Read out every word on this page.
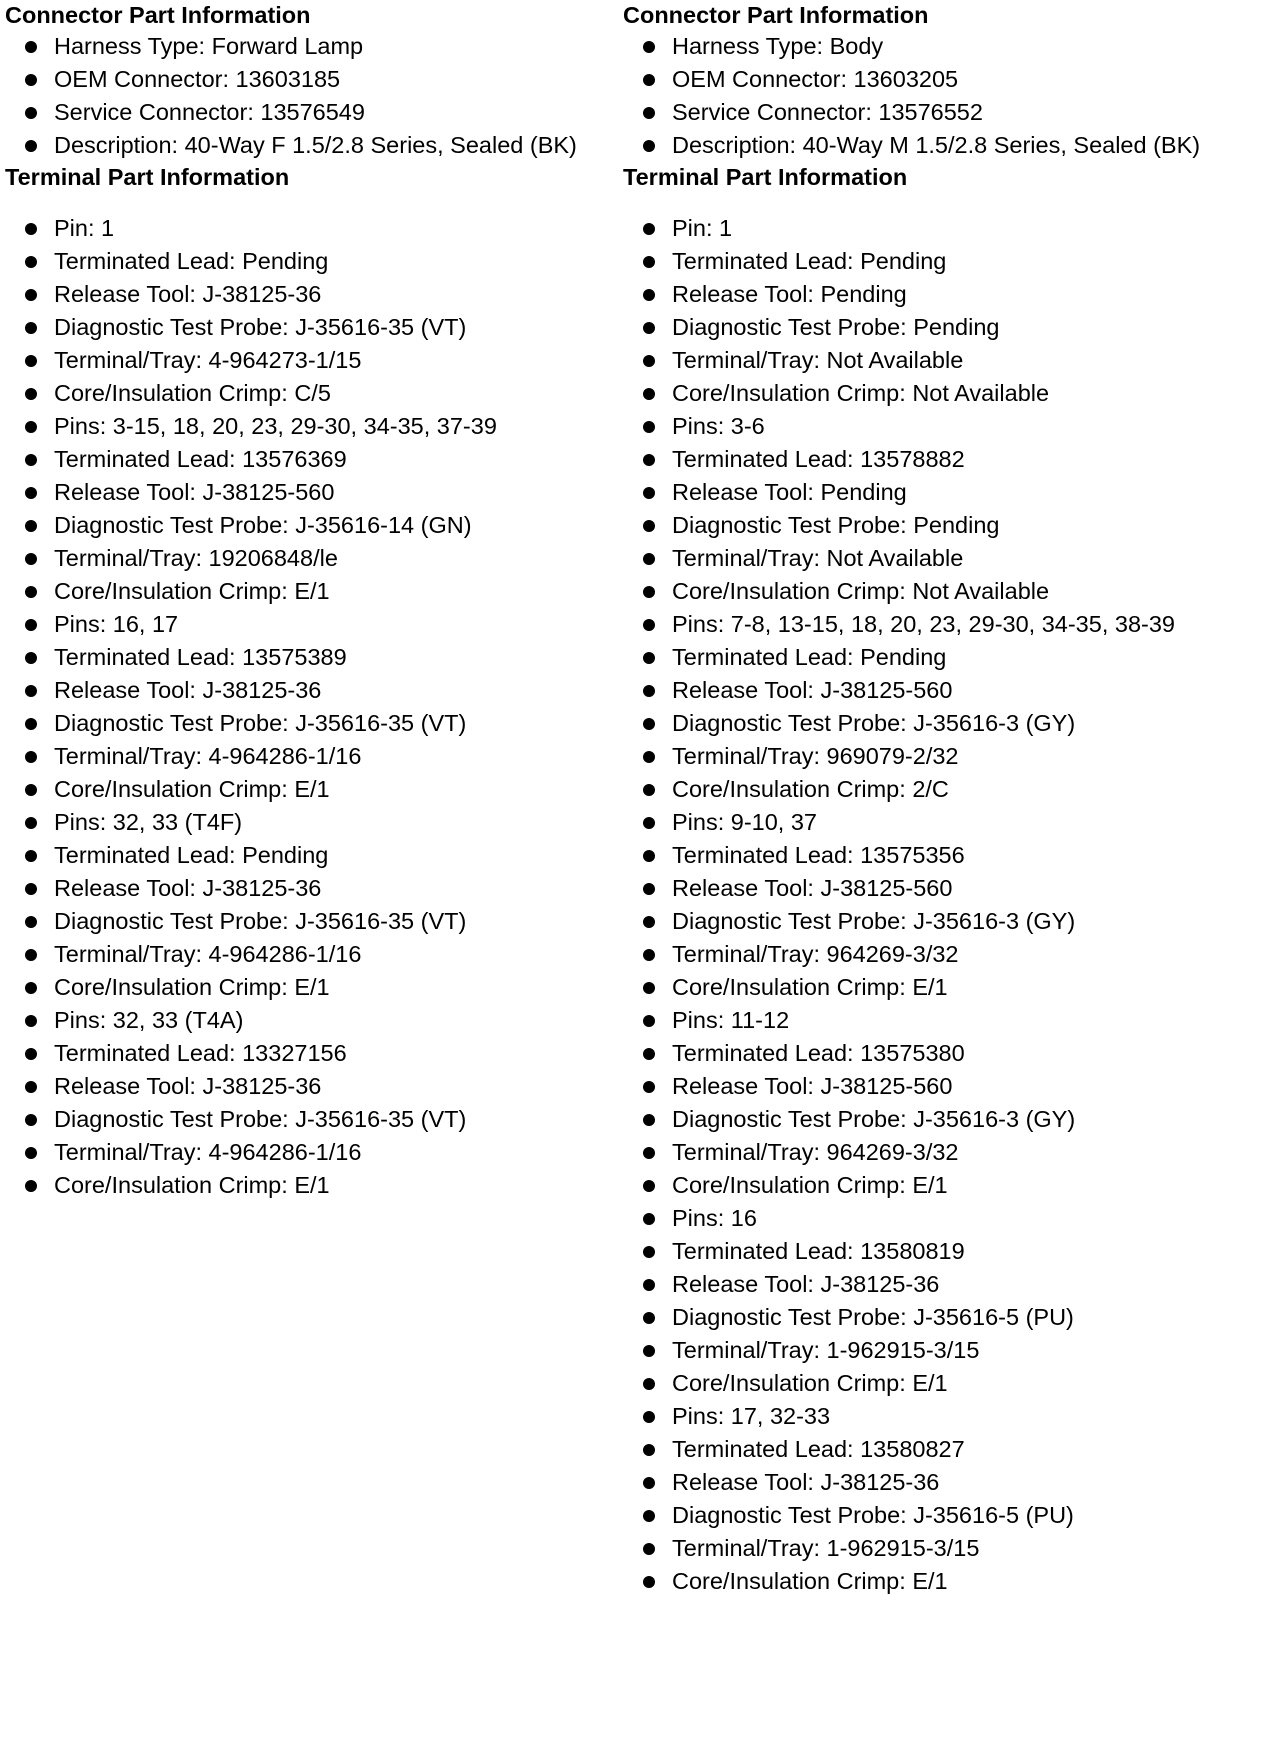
Connector Part Information
Harness Type: Forward Lamp
OEM Connector: 13603185
Service Connector: 13576549
Description: 40-Way F 1.5/2.8 Series, Sealed (BK)
Terminal Part Information
Pin: 1
Terminated Lead: Pending
Release Tool: J-38125-36
Diagnostic Test Probe: J-35616-35 (VT)
Terminal/Tray: 4-964273-1/15
Core/Insulation Crimp: C/5
Pins: 3-15, 18, 20, 23, 29-30, 34-35, 37-39
Terminated Lead: 13576369
Release Tool: J-38125-560
Diagnostic Test Probe: J-35616-14 (GN)
Terminal/Tray: 19206848/le
Core/Insulation Crimp: E/1
Pins: 16, 17
Terminated Lead: 13575389
Release Tool: J-38125-36
Diagnostic Test Probe: J-35616-35 (VT)
Terminal/Tray: 4-964286-1/16
Core/Insulation Crimp: E/1
Pins: 32, 33 (T4F)
Terminated Lead: Pending
Release Tool: J-38125-36
Diagnostic Test Probe: J-35616-35 (VT)
Terminal/Tray: 4-964286-1/16
Core/Insulation Crimp: E/1
Pins: 32, 33 (T4A)
Terminated Lead: 13327156
Release Tool: J-38125-36
Diagnostic Test Probe: J-35616-35 (VT)
Terminal/Tray: 4-964286-1/16
Core/Insulation Crimp: E/1
Connector Part Information
Harness Type: Body
OEM Connector: 13603205
Service Connector: 13576552
Description: 40-Way M 1.5/2.8 Series, Sealed (BK)
Terminal Part Information
Pin: 1
Terminated Lead: Pending
Release Tool: Pending
Diagnostic Test Probe: Pending
Terminal/Tray: Not Available
Core/Insulation Crimp: Not Available
Pins: 3-6
Terminated Lead: 13578882
Release Tool: Pending
Diagnostic Test Probe: Pending
Terminal/Tray: Not Available
Core/Insulation Crimp: Not Available
Pins: 7-8, 13-15, 18, 20, 23, 29-30, 34-35, 38-39
Terminated Lead: Pending
Release Tool: J-38125-560
Diagnostic Test Probe: J-35616-3 (GY)
Terminal/Tray: 969079-2/32
Core/Insulation Crimp: 2/C
Pins: 9-10, 37
Terminated Lead: 13575356
Release Tool: J-38125-560
Diagnostic Test Probe: J-35616-3 (GY)
Terminal/Tray: 964269-3/32
Core/Insulation Crimp: E/1
Pins: 11-12
Terminated Lead: 13575380
Release Tool: J-38125-560
Diagnostic Test Probe: J-35616-3 (GY)
Terminal/Tray: 964269-3/32
Core/Insulation Crimp: E/1
Pins: 16
Terminated Lead: 13580819
Release Tool: J-38125-36
Diagnostic Test Probe: J-35616-5 (PU)
Terminal/Tray: 1-962915-3/15
Core/Insulation Crimp: E/1
Pins: 17, 32-33
Terminated Lead: 13580827
Release Tool: J-38125-36
Diagnostic Test Probe: J-35616-5 (PU)
Terminal/Tray: 1-962915-3/15
Core/Insulation Crimp: E/1
